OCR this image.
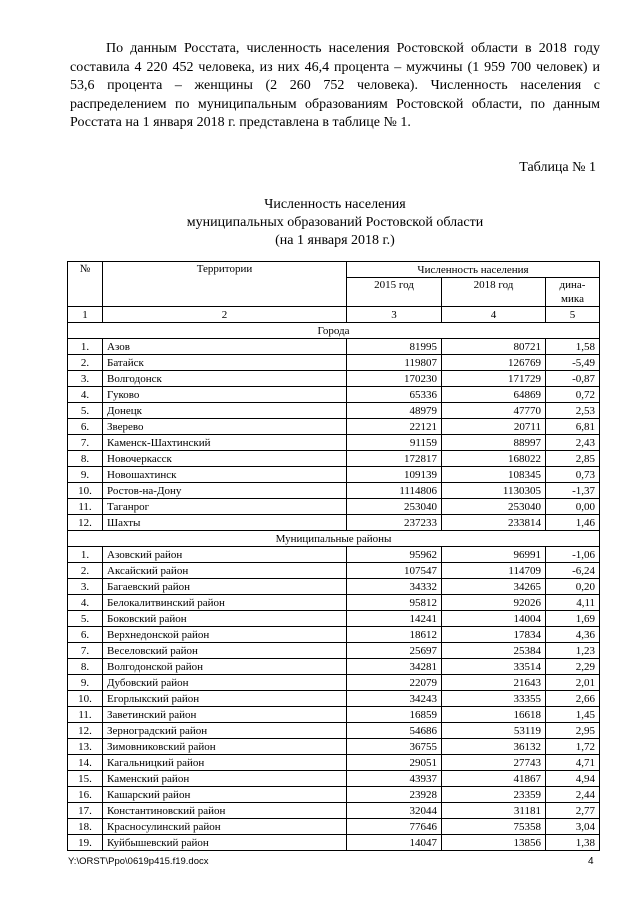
По данным Росстата, численность населения Ростовской области в 2018 году составила 4 220 452 человека, из них 46,4 процента – мужчины (1 959 700 человек) и 53,6 процента – женщины (2 260 752 человека). Численность населения с распределением по муниципальным образованиям Ростовской области, по данным Росстата на 1 января 2018 г. представлена в таблице № 1.

Таблица № 1
Численность населения
муниципальных образований Ростовской области
(на 1 января 2018 г.)
№	Территории	Численность населения		
		2015 год	2018 год	дина-мика
1	2	3	4	5
Города				
1.	Азов	81995	80721	1,58
2.	Батайск	119807	126769	-5,49
3.	Волгодонск	170230	171729	-0,87
4.	Гуково	65336	64869	0,72
5.	Донецк	48979	47770	2,53
6.	Зверево	22121	20711	6,81
7.	Каменск-Шахтинский	91159	88997	2,43
8.	Новочеркасск	172817	168022	2,85
9.	Новошахтинск	109139	108345	0,73
10.	Ростов-на-Дону	1114806	1130305	-1,37
11.	Таганрог	253040	253040	0,00
12.	Шахты	237233	233814	1,46
Муниципальные районы				
1.	Азовский район	95962	96991	-1,06
2.	Аксайский район	107547	114709	-6,24
3.	Багаевский район	34332	34265	0,20
4.	Белокалитвинский район	95812	92026	4,11
5.	Боковский район	14241	14004	1,69
6.	Верхнедонской район	18612	17834	4,36
7.	Веселовский район	25697	25384	1,23
8.	Волгодонской район	34281	33514	2,29
9.	Дубовский район	22079	21643	2,01
10.	Егорлыкский район	34243	33355	2,66
11.	Заветинский район	16859	16618	1,45
12.	Зерноградский район	54686	53119	2,95
13.	Зимовниковский район	36755	36132	1,72
14.	Кагальницкий район	29051	27743	4,71
15.	Каменский район	43937	41867	4,94
16.	Кашарский район	23928	23359	2,44
17.	Константиновский район	32044	31181	2,77
18.	Красносулинский район	77646	75358	3,04
19.	Куйбышевский район	14047	13856	1,38
Y:\ORST\Ppo\0619p415.f19.docx	4
